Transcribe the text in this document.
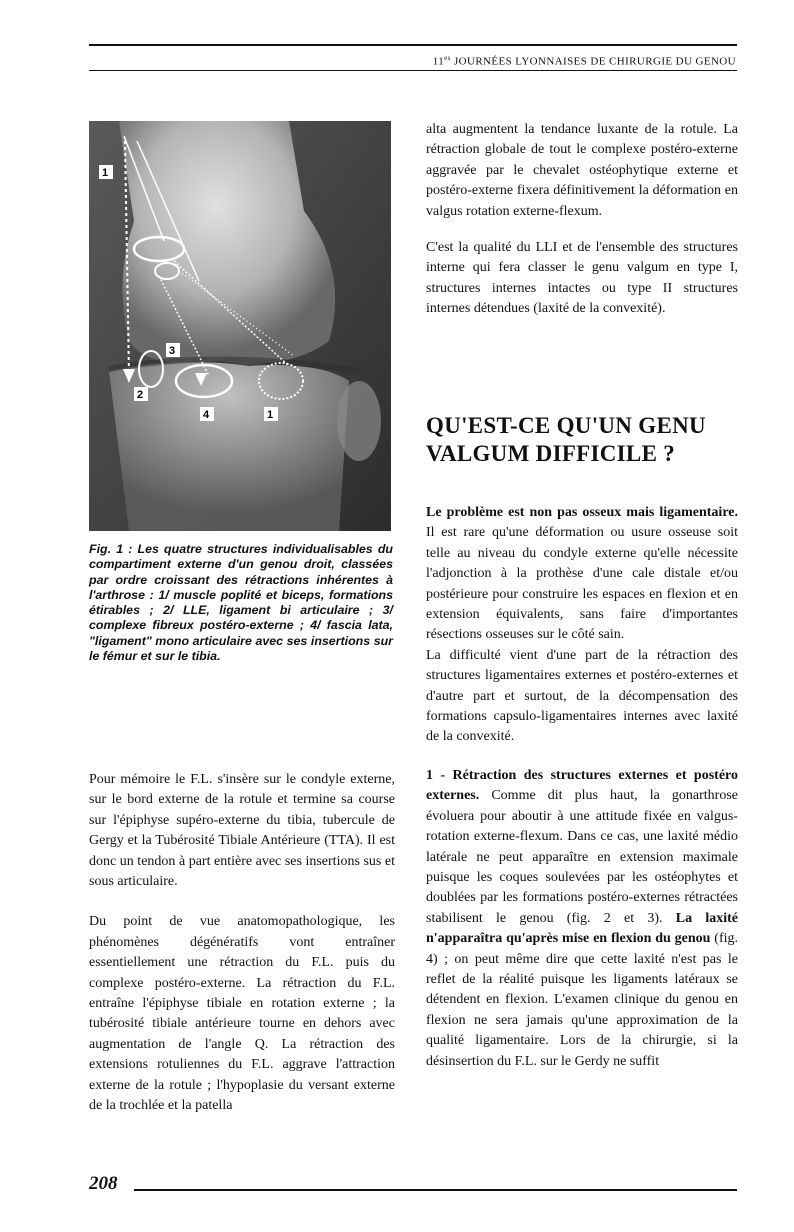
$11^{es}$ JOURNÉES LYONNAISES DE CHIRURGIE DU GENOU
1
2
3
4	1
Fig. 1 : Les quatre structures individualisables du compartiment externe d'un genou droit, classées par ordre croissant des rétractions inhérentes à l'arthrose : 1/ muscle poplité et biceps, formations étirables ; 2/ LLE, ligament bi articulaire ; 3/ complexe fibreux postéro-externe ; 4/ fascia lata, "ligament" mono articulaire avec ses insertions sur le fémur et sur le tibia.

Pour mémoire le F.L. s'insère sur le condyle externe, sur le bord externe de la rotule et termine sa course sur l'épiphyse supéro-externe du tibia, tubercule de Gergy et la Tubérosité Tibiale Antérieure (TTA). Il est donc un tendon à part entière avec ses insertions sus et sous articulaire.

Du point de vue anatomopathologique, les phénomènes dégénératifs vont entraîner essentiellement une rétraction du F.L. puis du complexe postéro-externe. La rétraction du F.L. entraîne l'épiphyse tibiale en rotation externe ; la tubérosité tibiale antérieure tourne en dehors avec augmentation de l'angle Q. La rétraction des extensions rotuliennes du F.L. aggrave l'attraction externe de la rotule ; l'hypoplasie du versant externe de la trochlée et la patella

alta augmentent la tendance luxante de la rotule. La rétraction globale de tout le complexe postéro-externe aggravée par le chevalet ostéophytique externe et postéro-externe fixera définitivement la déformation en valgus rotation externe-flexum.

C'est la qualité du LLI et de l'ensemble des structures interne qui fera classer le genu valgum en type I, structures internes intactes ou type II structures internes détendues (laxité de la convexité).

QU'EST-CE QU'UN GENU VALGUM DIFFICILE ?

Le problème est non pas osseux mais ligamentaire. Il est rare qu'une déformation ou usure osseuse soit telle au niveau du condyle externe qu'elle nécessite l'adjonction à la prothèse d'une cale distale et/ou postérieure pour construire les espaces en flexion et en extension équivalents, sans faire d'importantes résections osseuses sur le côté sain.

La difficulté vient d'une part de la rétraction des structures ligamentaires externes et postéro-externes et d'autre part et surtout, de la décompensation des formations capsulo-ligamentaires internes avec laxité de la convexité.

1 - Rétraction des structures externes et postéro externes. Comme dit plus haut, la gonarthrose évoluera pour aboutir à une attitude fixée en valgus-rotation externe-flexum. Dans ce cas, une laxité médio latérale ne peut apparaître en extension maximale puisque les coques soulevées par les ostéophytes et doublées par les formations postéro-externes rétractées stabilisent le genou (fig. 2 et 3). La laxité n'apparaîtra qu'après mise en flexion du genou (fig. 4) ; on peut même dire que cette laxité n'est pas le reflet de la réalité puisque les ligaments latéraux se détendent en flexion. L'examen clinique du genou en flexion ne sera jamais qu'une approximation de la qualité ligamentaire. Lors de la chirurgie, si la désinsertion du F.L. sur le Gerdy ne suffit

208
